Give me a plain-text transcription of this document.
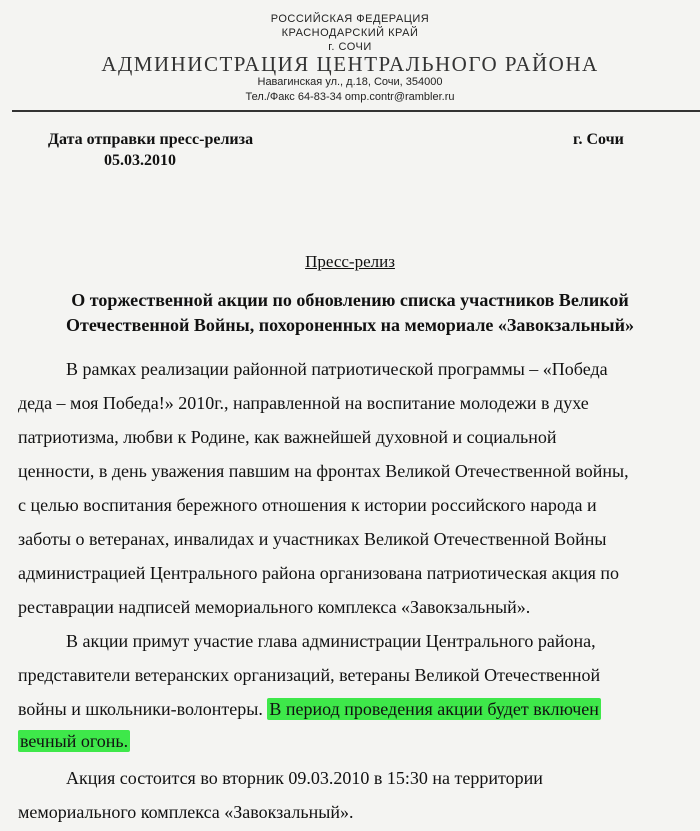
РОССИЙСКАЯ ФЕДЕРАЦИЯ
КРАСНОДАРСКИЙ КРАЙ
г. СОЧИ
АДМИНИСТРАЦИЯ ЦЕНТРАЛЬНОГО РАЙОНА
Навагинская ул., д.18, Сочи, 354000
Тел./Факс 64-83-34 omp.contr@rambler.ru
Дата отправки пресс-релиза
05.03.2010
г. Сочи
Пресс-релиз
О торжественной акции по обновлению списка участников Великой
Отечественной Войны, похороненных на мемориале «Завокзальный»
В рамках реализации районной патриотической программы – «Победа
деда – моя Победа!» 2010г., направленной на воспитание молодежи в духе
патриотизма, любви к Родине, как важнейшей духовной и социальной
ценности, в день уважения павшим на фронтах Великой Отечественной войны,
с целью воспитания бережного отношения к истории российского народа и
заботы о ветеранах, инвалидах и участниках Великой Отечественной Войны
администрацией Центрального района организована патриотическая акция по
реставрации надписей мемориального комплекса «Завокзальный».
В акции примут участие глава администрации Центрального района,
представители ветеранских организаций, ветераны Великой Отечественной
войны и школьники-волонтеры. В период проведения акции будет включен
вечный огонь.
Акция состоится во вторник 09.03.2010 в 15:30 на территории
мемориального комплекса «Завокзальный».
